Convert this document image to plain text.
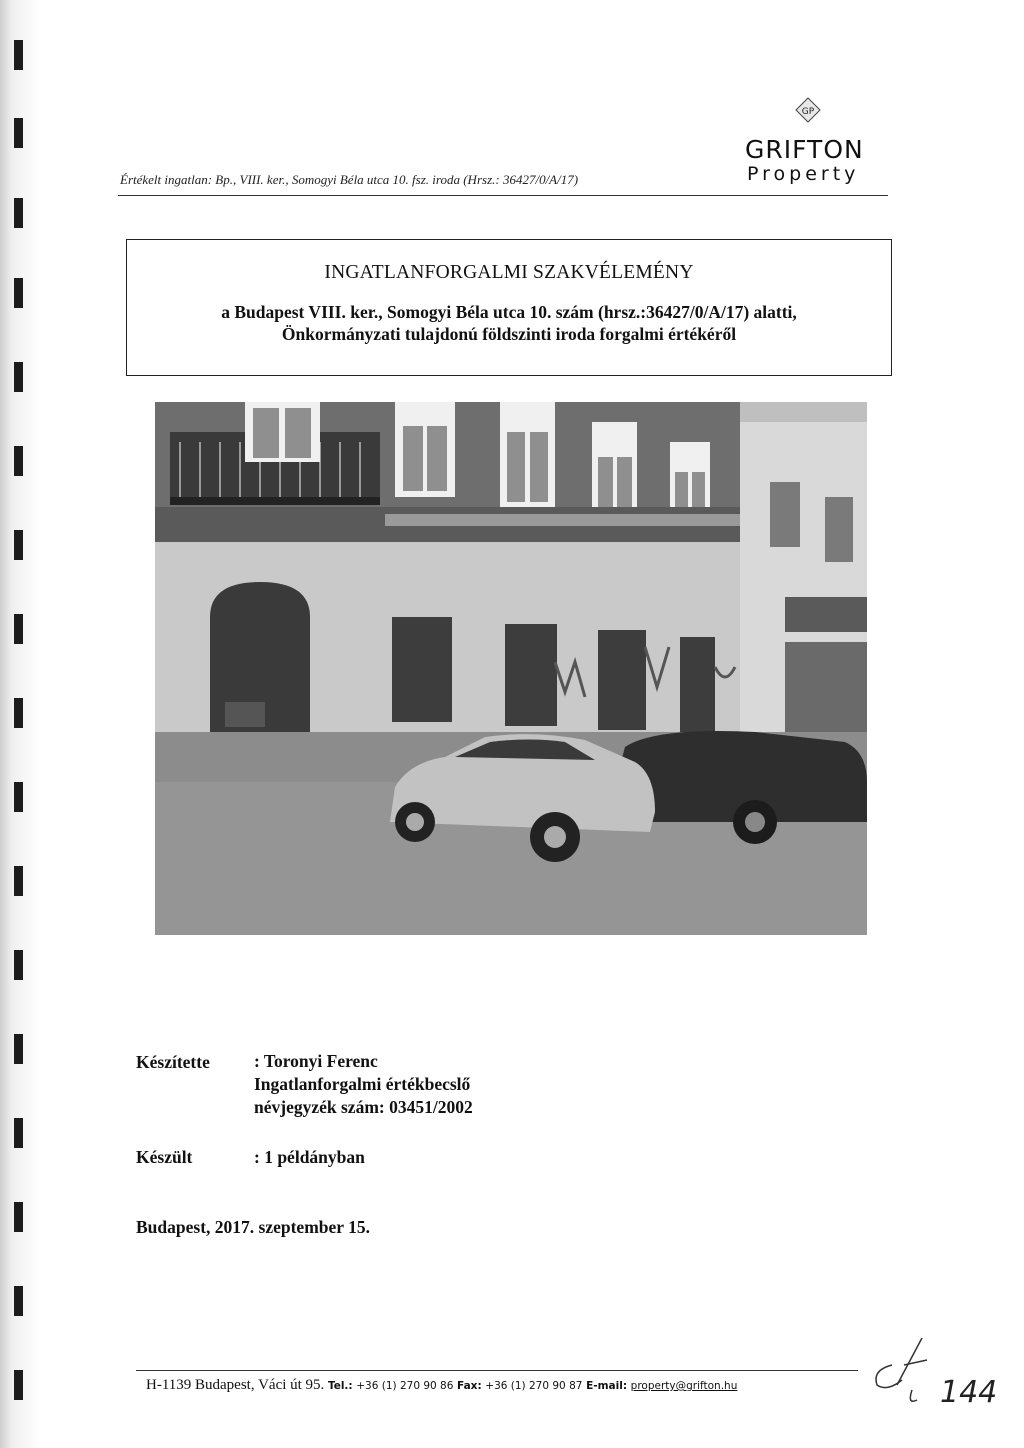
Értékelt ingatlan: Bp., VIII. ker., Somogyi Béla utca 10. fsz. iroda (Hrsz.: 36427/0/A/17)
GP
GRIFTON
Property
INGATLANFORGALMI SZAKVÉLEMÉNY
a Budapest VIII. ker., Somogyi Béla utca 10. szám (hrsz.:36427/0/A/17) alatti,
Önkormányzati tulajdonú földszinti iroda forgalmi értékéről
Készítette	: Toronyi Ferenc
Ingatlanforgalmi értékbecslő
névjegyzék szám: 03451/2002
Készült	: 1 példányban
Budapest, 2017. szeptember 15.
H-1139 Budapest, Váci út 95. Tel.: +36 (1) 270 90 86 Fax: +36 (1) 270 90 87 E-mail: property@grifton.hu	144
